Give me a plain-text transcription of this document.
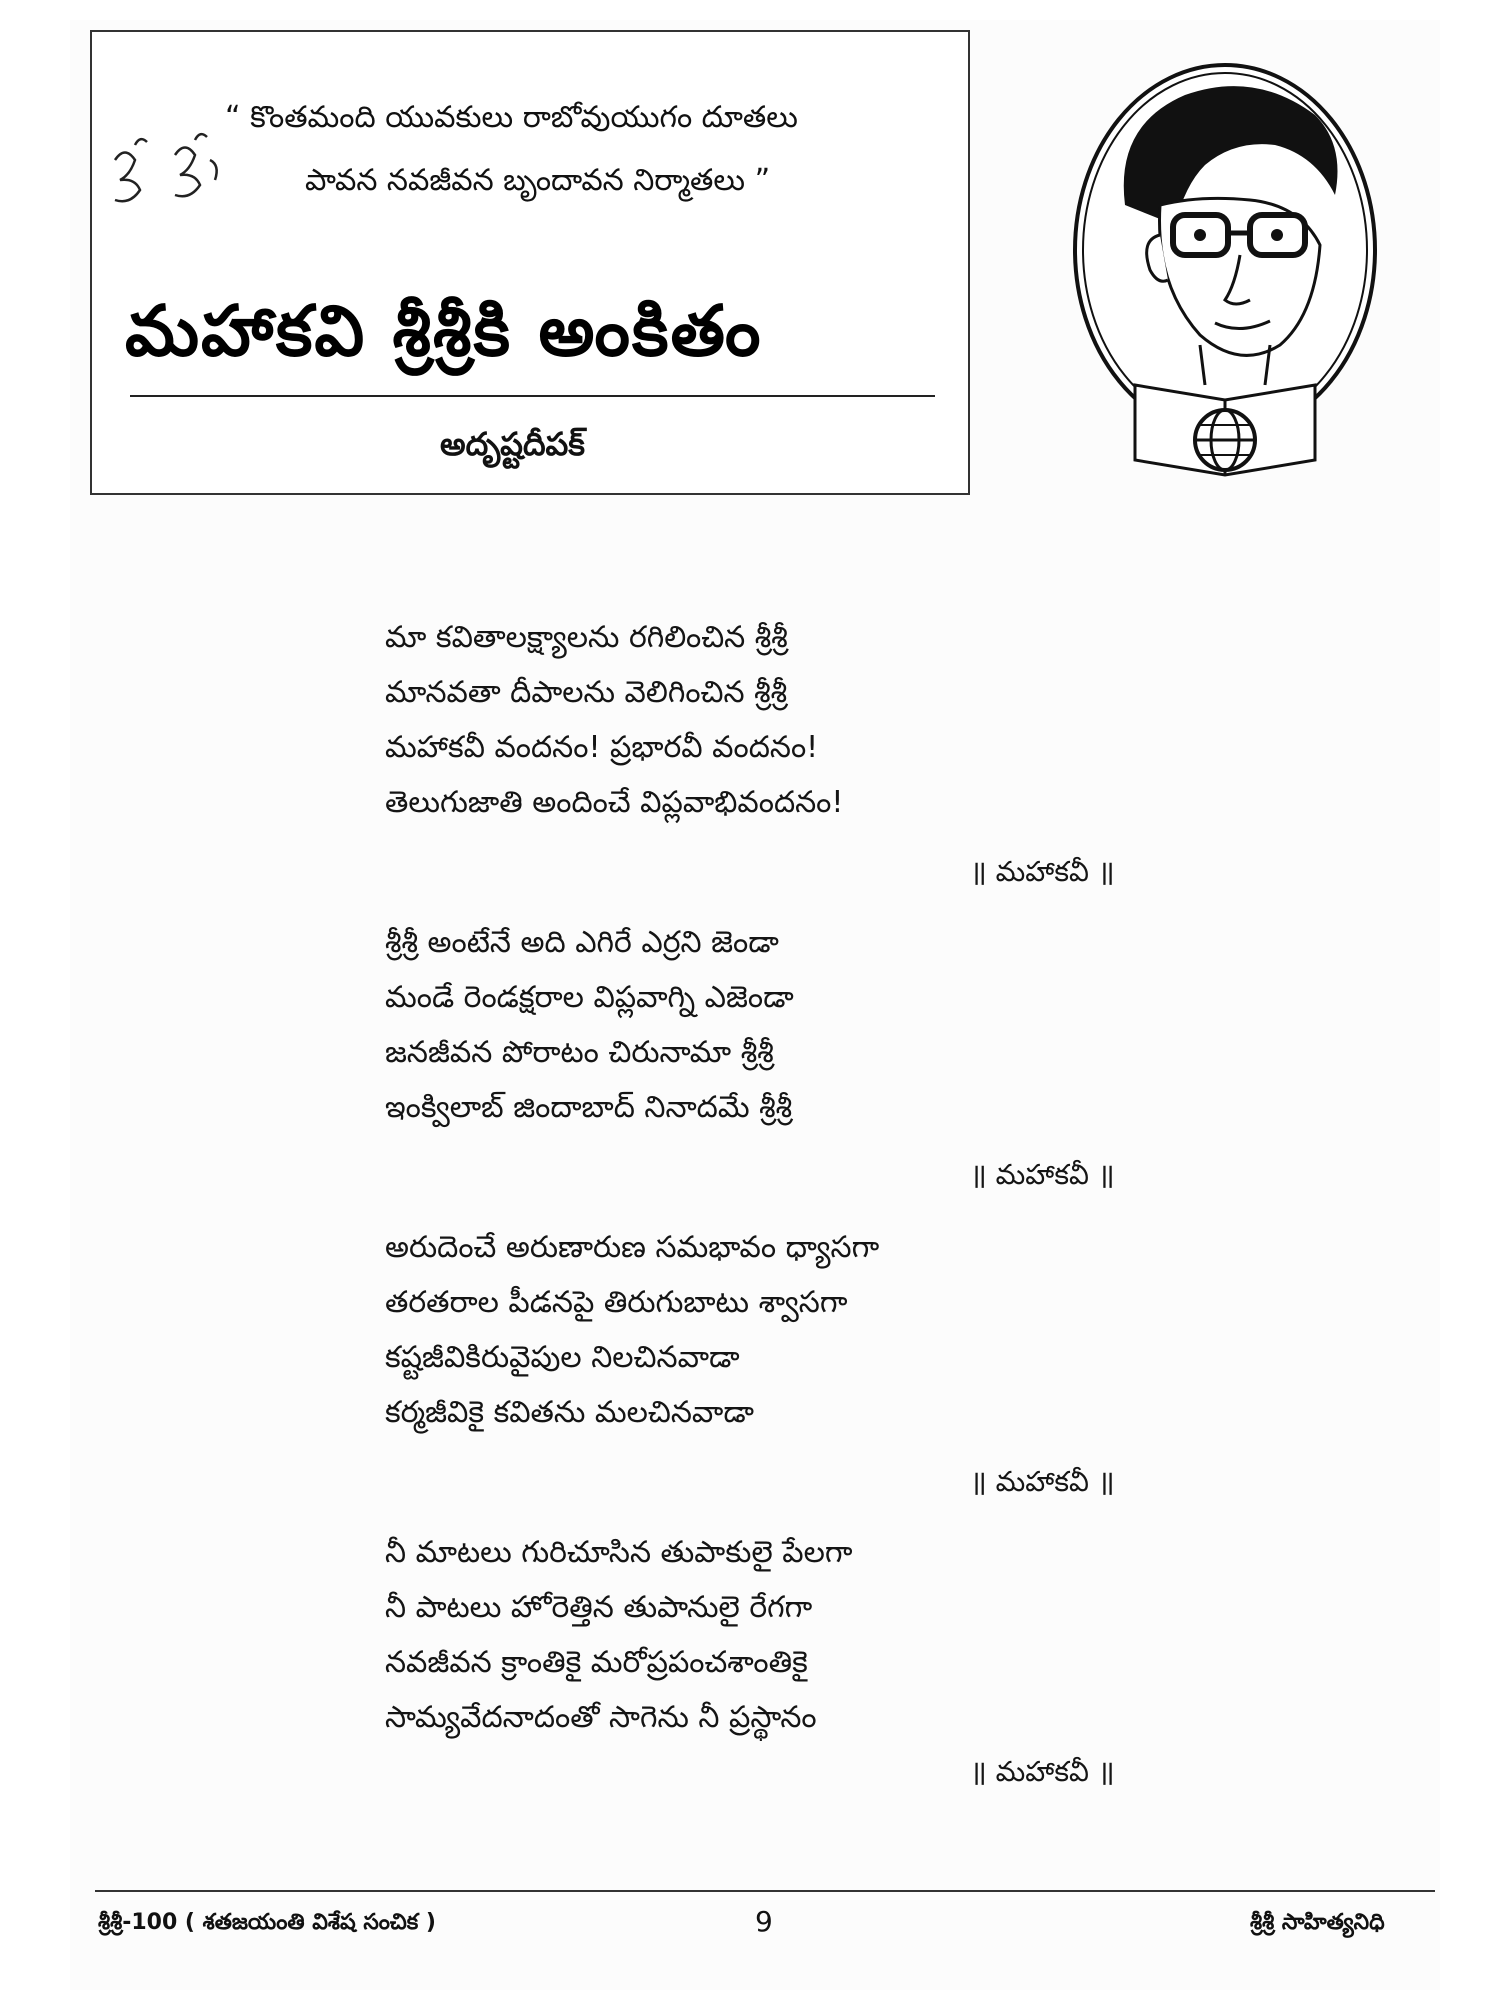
“ కొంతమంది యువకులు రాబోవుయుగం దూతలు
పావన నవజీవన బృందావన నిర్మాతలు ”
మహాకవి శ్రీశ్రీకి అంకితం
అదృష్టదీపక్
మా కవితాలక్ష్యాలను రగిలించిన శ్రీశ్రీ
మానవతా దీపాలను వెలిగించిన శ్రీశ్రీ
మహాకవీ వందనం! ప్రభారవీ వందనం!
తెలుగుజాతి అందించే విప్లవాభివందనం!
శ్రీశ్రీ అంటేనే అది ఎగిరే ఎర్రని జెండా
మండే రెండక్షరాల విప్లవాగ్ని ఎజెండా
జనజీవన పోరాటం చిరునామా శ్రీశ్రీ
ఇంక్విలాబ్ జిందాబాద్ నినాదమే శ్రీశ్రీ
అరుదెంచే అరుణారుణ సమభావం ధ్యాసగా
తరతరాల పీడనపై తిరుగుబాటు శ్వాసగా
కష్టజీవికిరువైపుల నిలచినవాడా
కర్మజీవికై కవితను మలచినవాడా
నీ మాటలు గురిచూసిన తుపాకులై పేలగా
నీ పాటలు హోరెత్తిన తుపానులై రేగగా
నవజీవన క్రాంతికై మరోప్రపంచశాంతికై
సామ్యవేదనాదంతో సాగెను నీ ప్రస్థానం
॥ మహాకవీ ॥
॥ మహాకవీ ॥
॥ మహాకవీ ॥
॥ మహాకవీ ॥
శ్రీశ్రీ-100 ( శతజయంతి విశేష సంచిక )	9	శ్రీశ్రీ సాహిత్యనిధి
